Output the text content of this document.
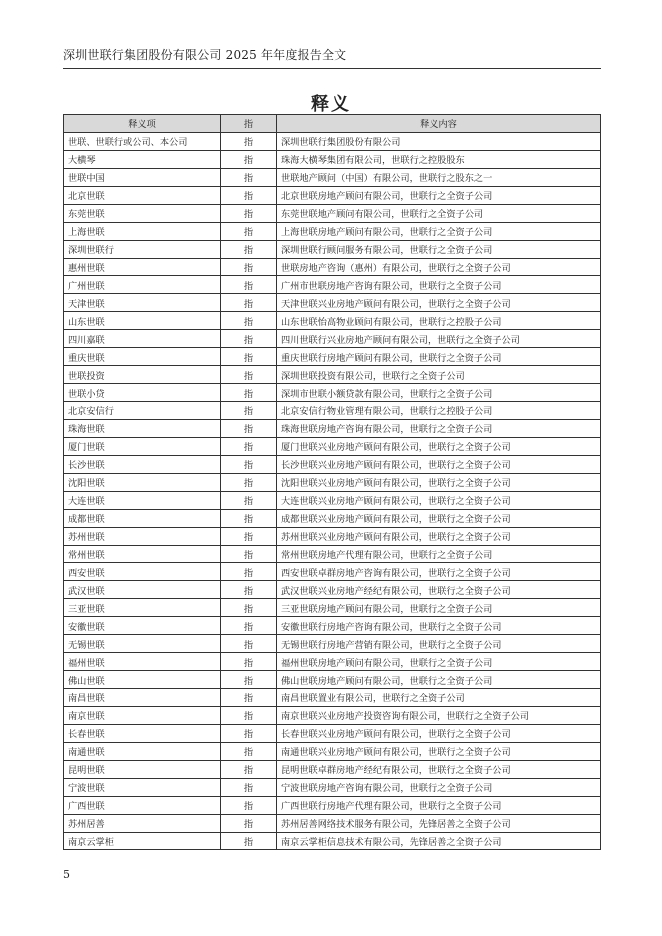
深圳世联行集团股份有限公司 2025 年年度报告全文
释义
释义项	指	释义内容
世联、世联行或公司、本公司	指	深圳世联行集团股份有限公司
大横琴	指	珠海大横琴集团有限公司，世联行之控股股东
世联中国	指	世联地产顾问（中国）有限公司，世联行之股东之一
北京世联	指	北京世联房地产顾问有限公司，世联行之全资子公司
东莞世联	指	东莞世联地产顾问有限公司，世联行之全资子公司
上海世联	指	上海世联房地产顾问有限公司，世联行之全资子公司
深圳世联行	指	深圳世联行顾问服务有限公司，世联行之全资子公司
惠州世联	指	世联房地产咨询（惠州）有限公司，世联行之全资子公司
广州世联	指	广州市世联房地产咨询有限公司，世联行之全资子公司
天津世联	指	天津世联兴业房地产顾问有限公司，世联行之全资子公司
山东世联	指	山东世联怡高物业顾问有限公司，世联行之控股子公司
四川嘉联	指	四川世联行兴业房地产顾问有限公司，世联行之全资子公司
重庆世联	指	重庆世联行房地产顾问有限公司，世联行之全资子公司
世联投资	指	深圳世联投资有限公司，世联行之全资子公司
世联小贷	指	深圳市世联小额贷款有限公司，世联行之全资子公司
北京安信行	指	北京安信行物业管理有限公司，世联行之控股子公司
珠海世联	指	珠海世联房地产咨询有限公司，世联行之全资子公司
厦门世联	指	厦门世联兴业房地产顾问有限公司，世联行之全资子公司
长沙世联	指	长沙世联兴业房地产顾问有限公司，世联行之全资子公司
沈阳世联	指	沈阳世联兴业房地产顾问有限公司，世联行之全资子公司
大连世联	指	大连世联兴业房地产顾问有限公司，世联行之全资子公司
成都世联	指	成都世联兴业房地产顾问有限公司，世联行之全资子公司
苏州世联	指	苏州世联兴业房地产顾问有限公司，世联行之全资子公司
常州世联	指	常州世联房地产代理有限公司，世联行之全资子公司
西安世联	指	西安世联卓群房地产咨询有限公司，世联行之全资子公司
武汉世联	指	武汉世联兴业房地产经纪有限公司，世联行之全资子公司
三亚世联	指	三亚世联房地产顾问有限公司，世联行之全资子公司
安徽世联	指	安徽世联行房地产咨询有限公司，世联行之全资子公司
无锡世联	指	无锡世联行房地产营销有限公司，世联行之全资子公司
福州世联	指	福州世联房地产顾问有限公司，世联行之全资子公司
佛山世联	指	佛山世联房地产顾问有限公司，世联行之全资子公司
南昌世联	指	南昌世联置业有限公司，世联行之全资子公司
南京世联	指	南京世联兴业房地产投资咨询有限公司，世联行之全资子公司
长春世联	指	长春世联兴业房地产顾问有限公司，世联行之全资子公司
南通世联	指	南通世联兴业房地产顾问有限公司，世联行之全资子公司
昆明世联	指	昆明世联卓群房地产经纪有限公司，世联行之全资子公司
宁波世联	指	宁波世联房地产咨询有限公司，世联行之全资子公司
广西世联	指	广西世联行房地产代理有限公司，世联行之全资子公司
苏州居善	指	苏州居善网络技术服务有限公司，先锋居善之全资子公司
南京云掌柜	指	南京云掌柜信息技术有限公司，先锋居善之全资子公司
5
